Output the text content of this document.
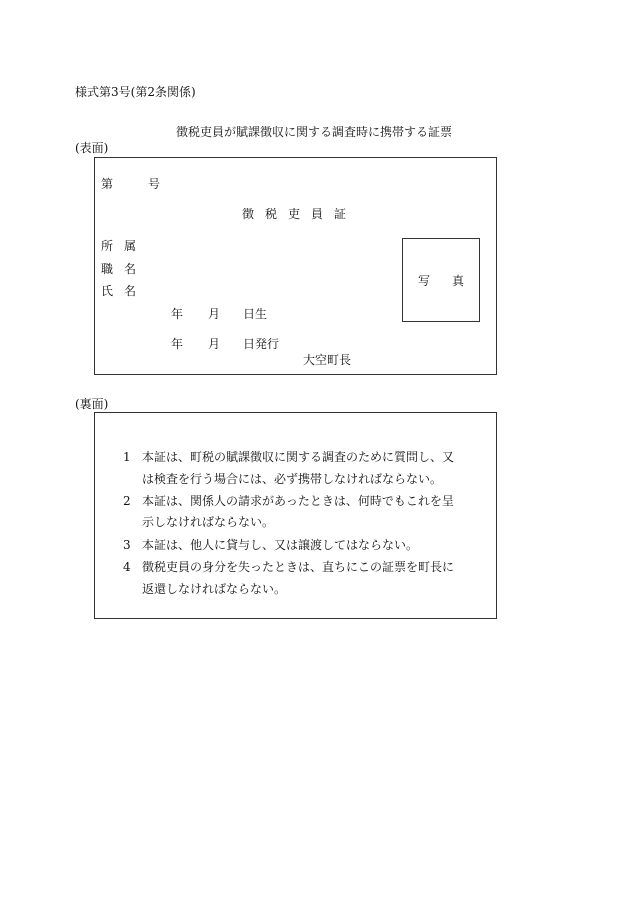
様式第3号(第2条関係)
徴税吏員が賦課徴収に関する調査時に携帯する証票
(表面)
第	号
徴税吏員証
所属
職名
氏名
年 月 日生
年 月 日発行
大空町長
写真
(裏面)
1 本証は、町税の賦課徴収に関する調査のために質問し、又
は検査を行う場合には、必ず携帯しなければならない。
2 本証は、関係人の請求があったときは、何時でもこれを呈
示しなければならない。
3 本証は、他人に貸与し、又は譲渡してはならない。
4 徴税吏員の身分を失ったときは、直ちにこの証票を町長に
返還しなければならない。
